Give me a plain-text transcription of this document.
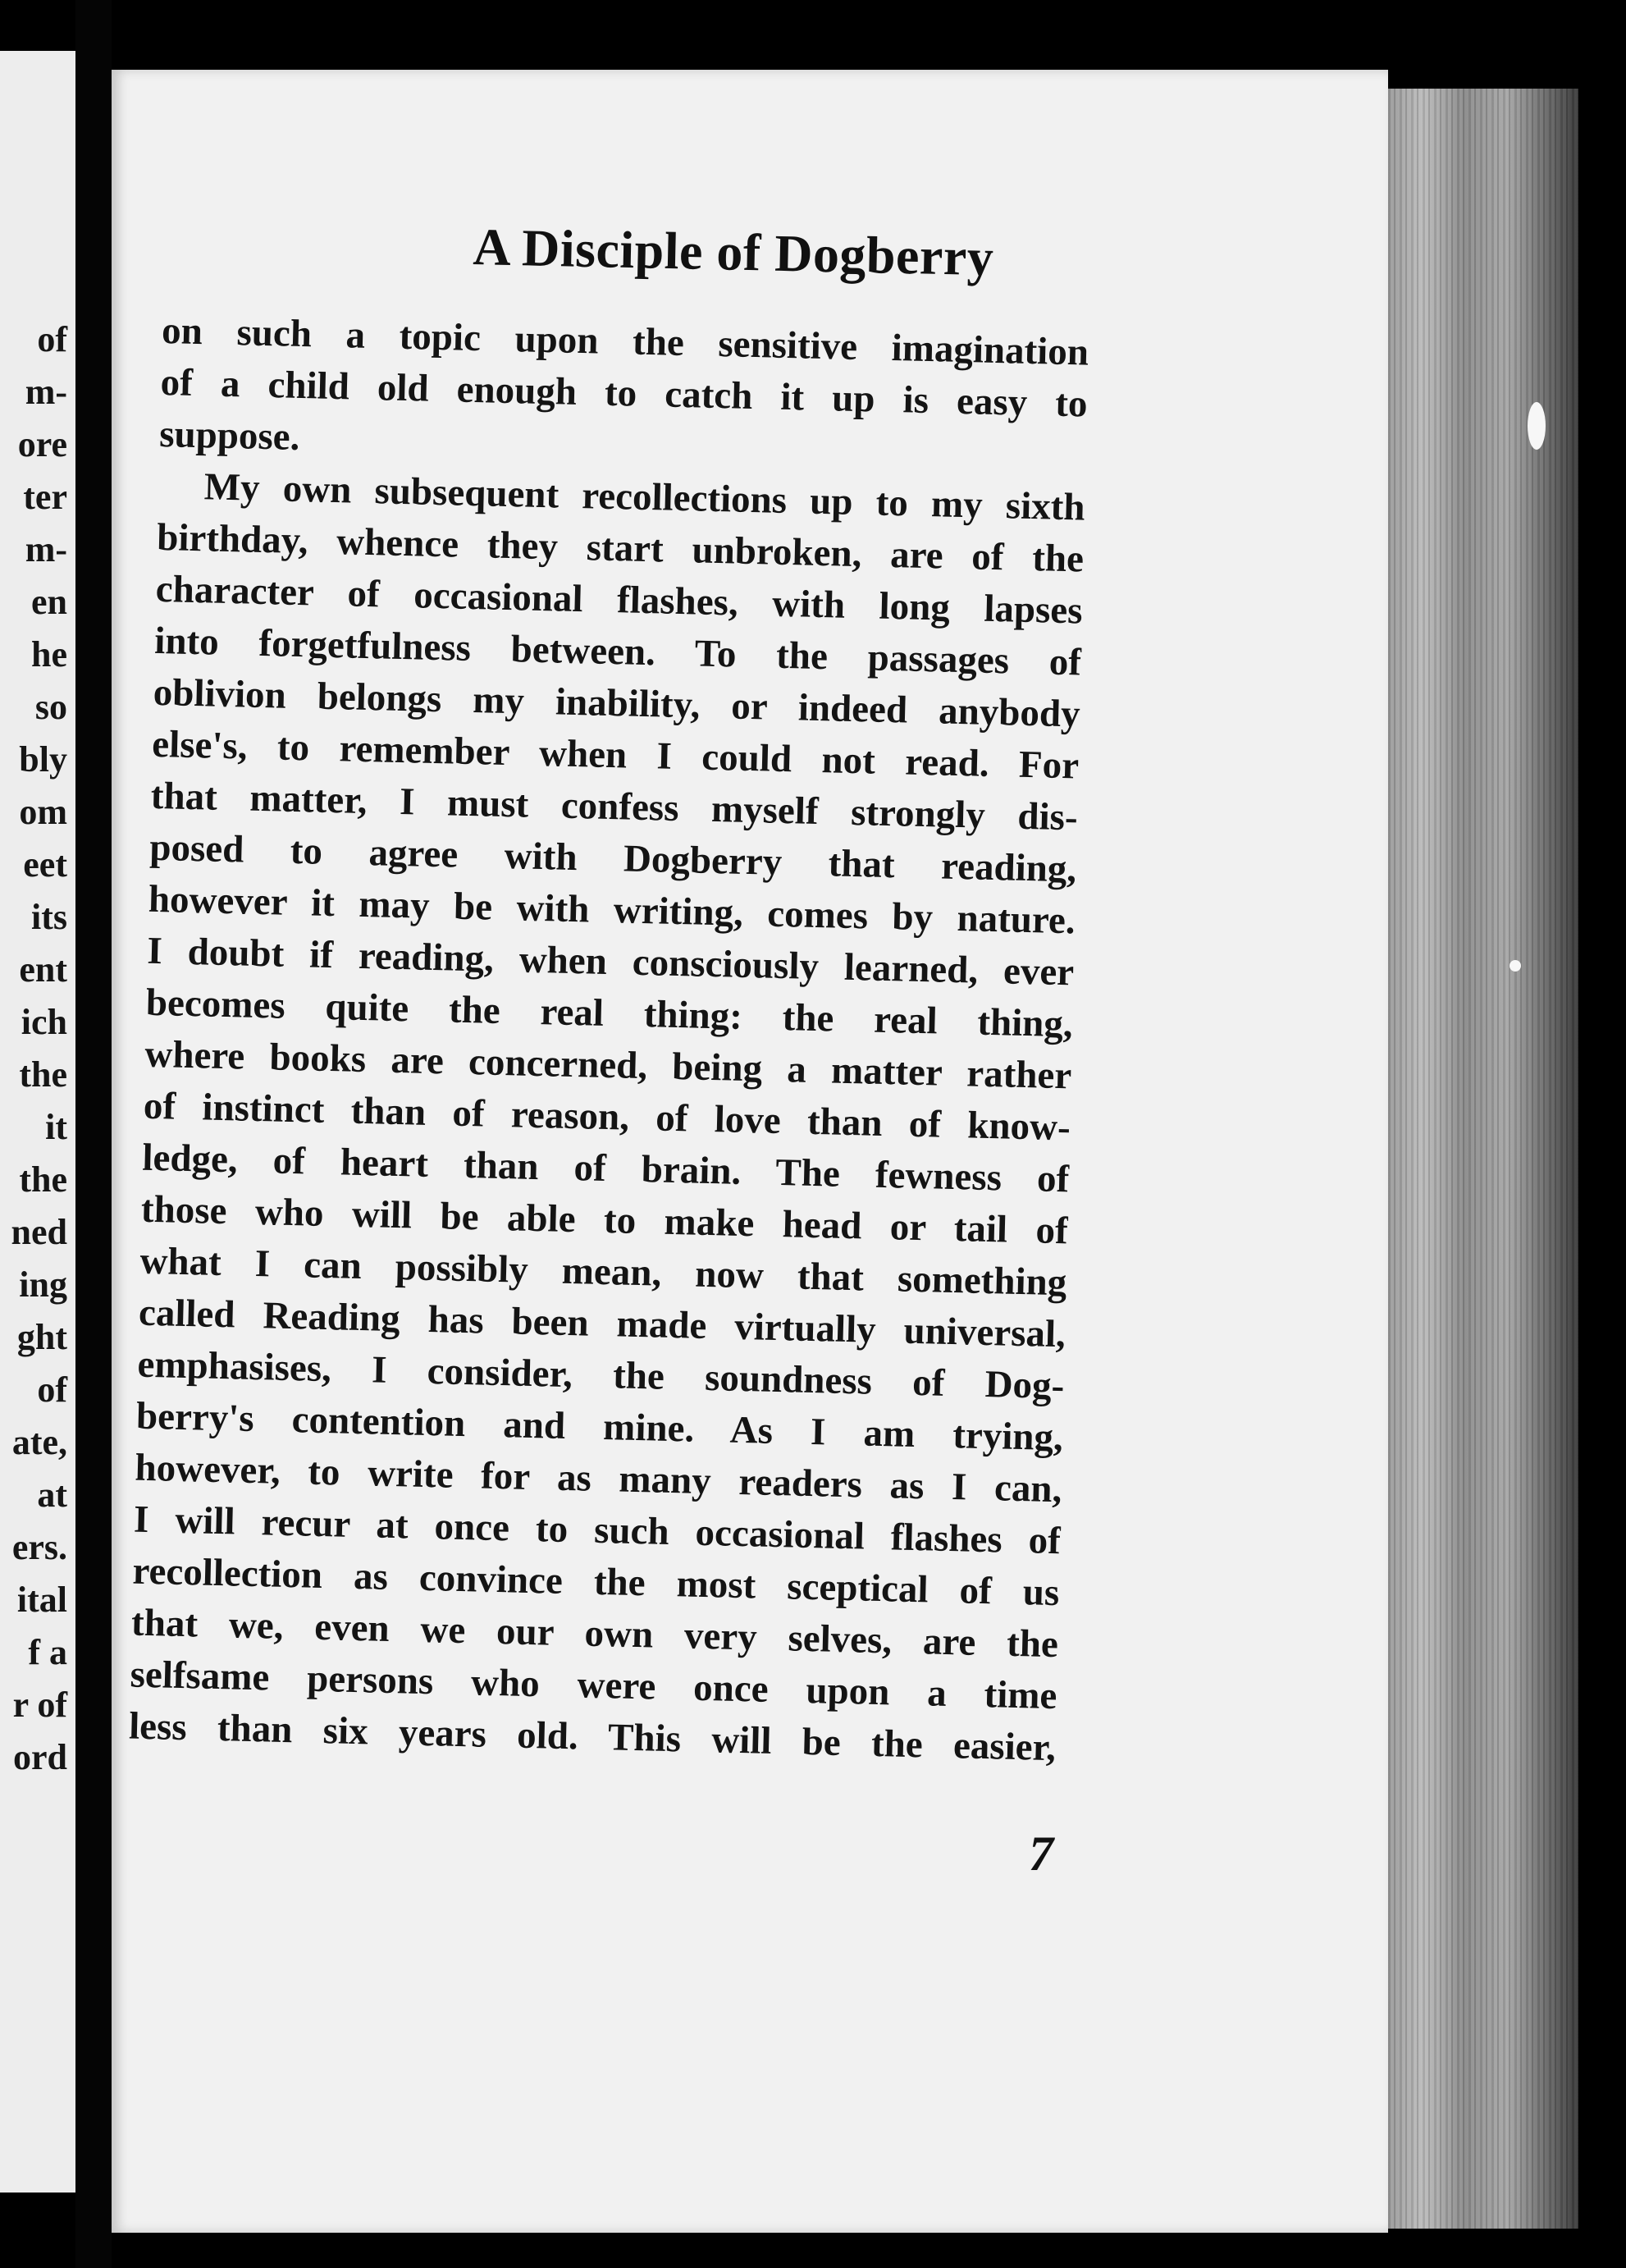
of
m-
ore
ter
m-
en
he
so
bly
om
eet
its
ent
ich
the
it
the
ned
ing
ght
of
ate,
at
ers.
ital
f a
r of
ord
A Disciple of Dogberry
on such a topic upon the sensitive imagination
of a child old enough to catch it up is easy to
suppose.
My own subsequent recollections up to my sixth
birthday, whence they start unbroken, are of the
character of occasional flashes, with long lapses
into forgetfulness between. To the passages of
oblivion belongs my inability, or indeed anybody
else's, to remember when I could not read. For
that matter, I must confess myself strongly dis-
posed to agree with Dogberry that reading,
however it may be with writing, comes by nature.
I doubt if reading, when consciously learned, ever
becomes quite the real thing: the real thing,
where books are concerned, being a matter rather
of instinct than of reason, of love than of know-
ledge, of heart than of brain. The fewness of
those who will be able to make head or tail of
what I can possibly mean, now that something
called Reading has been made virtually universal,
emphasises, I consider, the soundness of Dog-
berry's contention and mine. As I am trying,
however, to write for as many readers as I can,
I will recur at once to such occasional flashes of
recollection as convince the most sceptical of us
that we, even we our own very selves, are the
selfsame persons who were once upon a time
less than six years old. This will be the easier,
7
